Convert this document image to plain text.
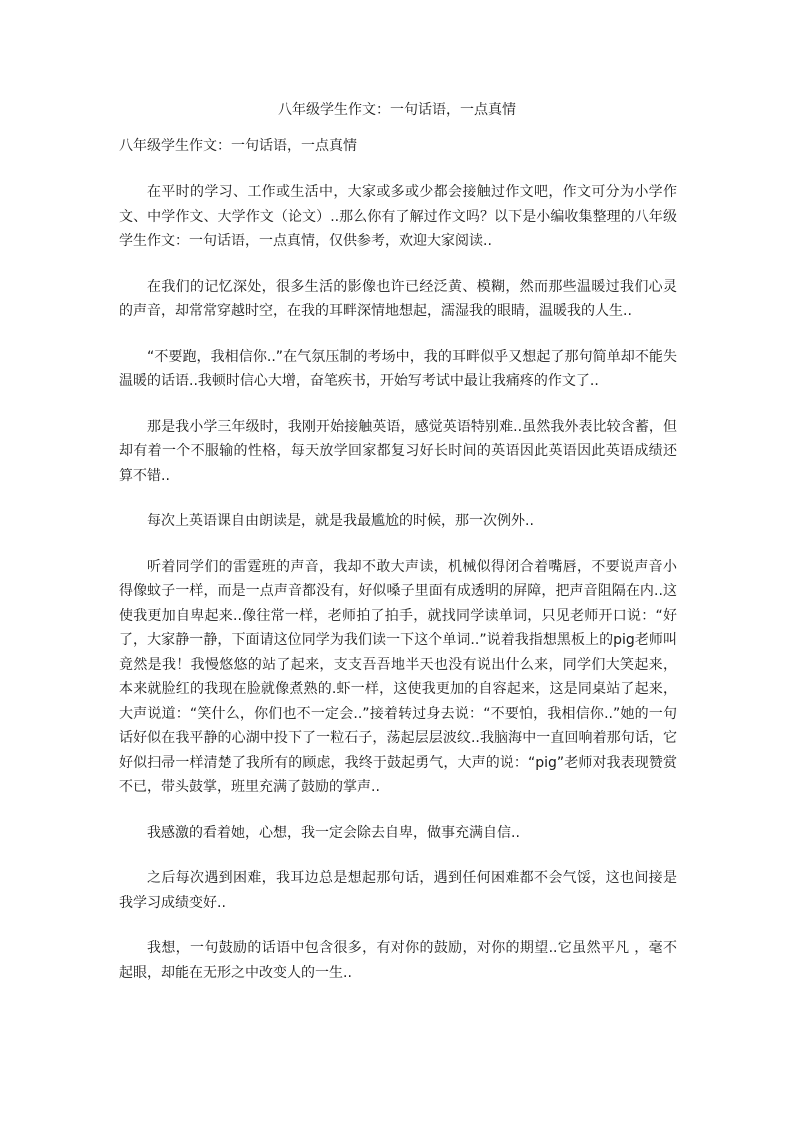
八年级学生作文：一句话语，一点真情

八年级学生作文：一句话语，一点真情

在平时的学习、工作或生活中，大家或多或少都会接触过作文吧，作文可分为小学作文、中学作文、大学作文（论文）..那么你有了解过作文吗？以下是小编收集整理的八年级学生作文：一句话语，一点真情，仅供参考，欢迎大家阅读..

在我们的记忆深处，很多生活的影像也许已经泛黄、模糊，然而那些温暖过我们心灵的声音，却常常穿越时空，在我的耳畔深情地想起，濡湿我的眼睛，温暖我的人生..

“不要跑，我相信你..”在气氛压制的考场中，我的耳畔似乎又想起了那句简单却不能失温暖的话语..我顿时信心大增，奋笔疾书，开始写考试中最让我痛疼的作文了..

那是我小学三年级时，我刚开始接触英语，感觉英语特别难..虽然我外表比较含蓄，但却有着一个不服输的性格，每天放学回家都复习好长时间的英语因此英语因此英语成绩还算不错..

每次上英语课自由朗读是，就是我最尴尬的时候，那一次例外..

听着同学们的雷霆班的声音，我却不敢大声读，机械似得闭合着嘴唇，不要说声音小得像蚊子一样，而是一点声音都没有，好似嗓子里面有成透明的屏障，把声音阻隔在内..这使我更加自卑起来..像往常一样，老师拍了拍手，就找同学读单词，只见老师开口说：“好了，大家静一静，下面请这位同学为我们读一下这个单词..”说着我指想黑板上的pig老师叫竟然是我！我慢悠悠的站了起来，支支吾吾地半天也没有说出什么来，同学们大笑起来，本来就脸红的我现在脸就像煮熟的.虾一样，这使我更加的自容起来，这是同桌站了起来，大声说道：“笑什么，你们也不一定会..”接着转过身去说：“不要怕，我相信你..”她的一句话好似在我平静的心湖中投下了一粒石子，荡起层层波纹..我脑海中一直回响着那句话，它好似扫帚一样清楚了我所有的顾虑，我终于鼓起勇气，大声的说：“pig”老师对我表现赞赏不已，带头鼓掌，班里充满了鼓励的掌声..

我感激的看着她，心想，我一定会除去自卑，做事充满自信..

之后每次遇到困难，我耳边总是想起那句话，遇到任何困难都不会气馁，这也间接是我学习成绩变好..

我想，一句鼓励的话语中包含很多，有对你的鼓励，对你的期望..它虽然平凡 ，毫不起眼，却能在无形之中改变人的一生..
